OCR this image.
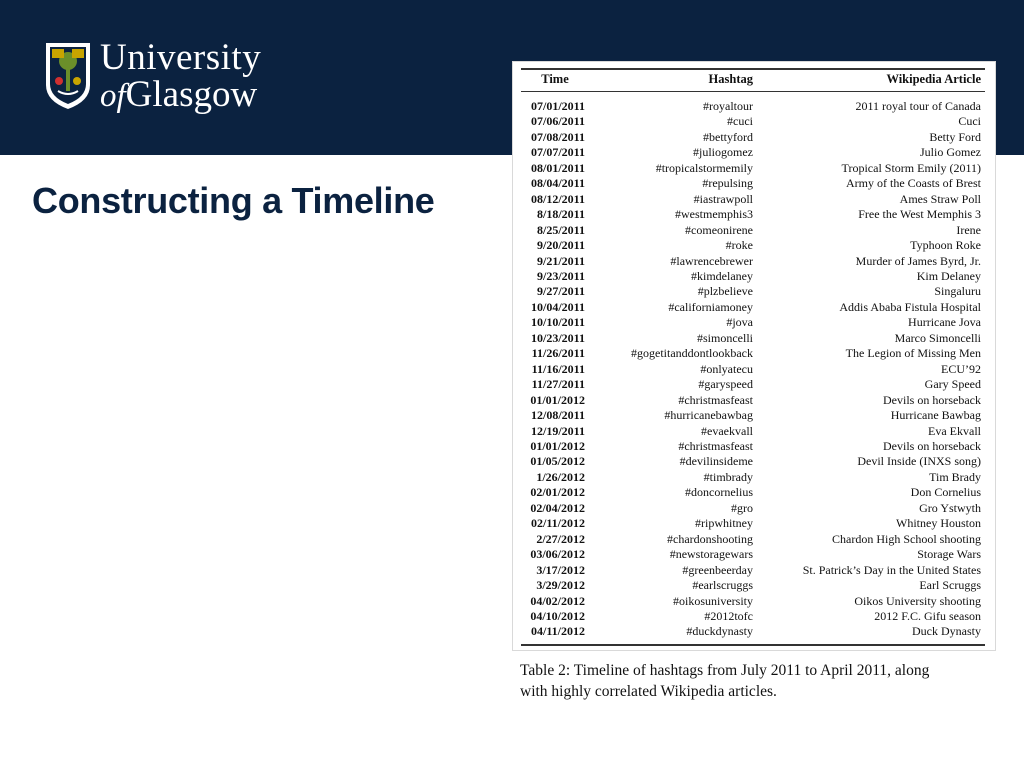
University
ofGlasgow
Constructing a Timeline
Time	Hashtag	Wikipedia Article
07/01/2011	#royaltour	2011 royal tour of Canada
07/06/2011	#cuci	Cuci
07/08/2011	#bettyford	Betty Ford
07/07/2011	#juliogomez	Julio Gomez
08/01/2011	#tropicalstormemily	Tropical Storm Emily (2011)
08/04/2011	#repulsing	Army of the Coasts of Brest
08/12/2011	#iastrawpoll	Ames Straw Poll
8/18/2011	#westmemphis3	Free the West Memphis 3
8/25/2011	#comeonirene	Irene
9/20/2011	#roke	Typhoon Roke
9/21/2011	#lawrencebrewer	Murder of James Byrd, Jr.
9/23/2011	#kimdelaney	Kim Delaney
9/27/2011	#plzbelieve	Singaluru
10/04/2011	#californiamoney	Addis Ababa Fistula Hospital
10/10/2011	#jova	Hurricane Jova
10/23/2011	#simoncelli	Marco Simoncelli
11/26/2011	#gogetitanddontlookback	The Legion of Missing Men
11/16/2011	#onlyatecu	ECU’92
11/27/2011	#garyspeed	Gary Speed
01/01/2012	#christmasfeast	Devils on horseback
12/08/2011	#hurricanebawbag	Hurricane Bawbag
12/19/2011	#evaekvall	Eva Ekvall
01/01/2012	#christmasfeast	Devils on horseback
01/05/2012	#devilinsideme	Devil Inside (INXS song)
1/26/2012	#timbrady	Tim Brady
02/01/2012	#doncornelius	Don Cornelius
02/04/2012	#gro	Gro Ystwyth
02/11/2012	#ripwhitney	Whitney Houston
2/27/2012	#chardonshooting	Chardon High School shooting
03/06/2012	#newstoragewars	Storage Wars
3/17/2012	#greenbeerday	St. Patrick’s Day in the United States
3/29/2012	#earlscruggs	Earl Scruggs
04/02/2012	#oikosuniversity	Oikos University shooting
04/10/2012	#2012tofc	2012 F.C. Gifu season
04/11/2012	#duckdynasty	Duck Dynasty

Table 2: Timeline of hashtags from July 2011 to April 2011, along
with highly correlated Wikipedia articles.
